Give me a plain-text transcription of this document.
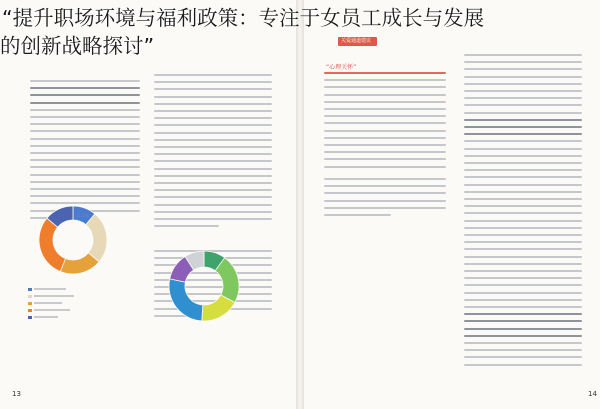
“提升职场环境与福利政策：专注于女员工成长与发展
的创新战略探讨”
11.1%
13
关爱通道建议
“心理关怀”
14
